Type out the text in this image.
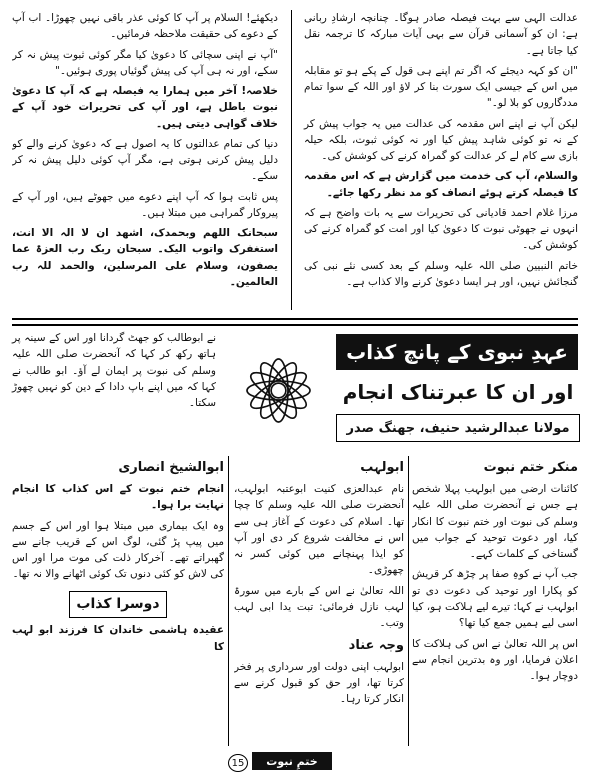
دیکھئے! السلام پر آپ کا کوئی عذر باقی نہیں چھوڑا۔ اب آپ کے دعوے کی حقیقت ملاحظہ فرمائیں۔

"آپ نے اپنی سچائی کا دعویٰ کیا مگر کوئی ثبوت پیش نہ کر سکے، اور نہ ہی آپ کی پیش گوئیاں پوری ہوئیں۔"

خلاصہ! آخر میں ہمارا یہ فیصلہ ہے کہ آپ کا دعویٰ نبوت باطل ہے، اور آپ کی تحریرات خود آپ کے خلاف گواہی دیتی ہیں۔

دنیا کی تمام عدالتوں کا یہ اصول ہے کہ دعویٰ کرنے والے کو دلیل پیش کرنی ہوتی ہے، مگر آپ کوئی دلیل پیش نہ کر سکے۔

پس ثابت ہوا کہ آپ اپنے دعوے میں جھوٹے ہیں، اور آپ کے پیروکار گمراہی میں مبتلا ہیں۔

سبحانک اللھم وبحمدک، اشھد ان لا الہ الا انت، استغفرک واتوب الیک۔ سبحان ربک رب العزۃ عما یصفون، وسلام علی المرسلین، والحمد للہ رب العالمین۔

عدالت الہی سے بہت فیصلہ صادر ہوگا۔ چنانچہ ارشادِ ربانی ہے: ان کو آسمانی قرآن سے بہی آیات مبارکہ کا ترجمہ نقل کیا جاتا ہے۔

"ان کو کہہ دیجئے کہ اگر تم اپنے ہی قول کے پکے ہو تو مقابلہ میں اس کے جیسی ایک سورت بنا کر لاؤ اور اللہ کے سوا تمام مددگاروں کو بلا لو۔"

لیکن آپ نے اپنے اس مقدمہ کی عدالت میں یہ جواب پیش کر کے نہ تو کوئی شاہد پیش کیا اور نہ کوئی ثبوت، بلکہ حیلہ بازی سے کام لے کر عدالت کو گمراہ کرنے کی کوشش کی۔

والسلام، آپ کی خدمت میں گزارش ہے کہ اس مقدمہ کا فیصلہ کرتے ہوئے انصاف کو مد نظر رکھا جائے۔

مرزا غلام احمد قادیانی کی تحریرات سے یہ بات واضح ہے کہ انہوں نے جھوٹی نبوت کا دعویٰ کیا اور امت کو گمراہ کرنے کی کوشش کی۔

خاتم النبیین صلی اللہ علیہ وسلم کے بعد کسی نئے نبی کی گنجائش نہیں، اور ہر ایسا دعویٰ کرنے والا کذاب ہے۔

نے ابوطالب کو جھٹ گردانا اور اس کے سینہ پر ہاتھ رکھ کر کہا کہ آنحضرت صلی اللہ علیہ وسلم کی نبوت پر ایمان لے آؤ۔ ابو طالب نے کہا کہ میں اپنے باپ دادا کے دین کو نہیں چھوڑ سکتا۔

عہدِ نبوی کے پانچ کذاب
اور ان کا عبرتناک انجام
مولانا عبدالرشید حنیف، جھنگ صدر
ابوالشیخ انصاری

انجام ختم نبوت کے اس کذاب کا انجام نہایت برا ہوا۔

وہ ایک بیماری میں مبتلا ہوا اور اس کے جسم میں پیپ پڑ گئی، لوگ اس کے قریب جانے سے گھبراتے تھے۔ آخرکار ذلت کی موت مرا اور اس کی لاش کو کئی دنوں تک کوئی اٹھانے والا نہ تھا۔

دوسرا کذاب

عقیدہ ہاشمی خاندان کا فرزند ابو لہب کا

ابولہب

نام عبدالعزی کنیت ابوعتبہ ابولہب، آنحضرت صلی اللہ علیہ وسلم کا چچا تھا۔ اسلام کی دعوت کے آغاز ہی سے اس نے مخالفت شروع کر دی اور آپ کو ایذا پہنچانے میں کوئی کسر نہ چھوڑی۔

اللہ تعالیٰ نے اس کے بارے میں سورۃ لہب نازل فرمائی: تبت یدا ابی لہب وتب۔

وجہ عناد

ابولہب اپنی دولت اور سرداری پر فخر کرتا تھا، اور حق کو قبول کرنے سے انکار کرتا رہا۔

منکر ختم نبوت

کائنات ارضی میں ابولہب پہلا شخص ہے جس نے آنحضرت صلی اللہ علیہ وسلم کی نبوت اور ختم نبوت کا انکار کیا، اور دعوت توحید کے جواب میں گستاخی کے کلمات کہے۔

جب آپ نے کوہِ صفا پر چڑھ کر قریش کو پکارا اور توحید کی دعوت دی تو ابولہب نے کہا: تیرے لیے ہلاکت ہو، کیا اسی لیے ہمیں جمع کیا تھا؟

اس پر اللہ تعالیٰ نے اس کی ہلاکت کا اعلان فرمایا، اور وہ بدترین انجام سے دوچار ہوا۔

15	ختمِ نبوت
